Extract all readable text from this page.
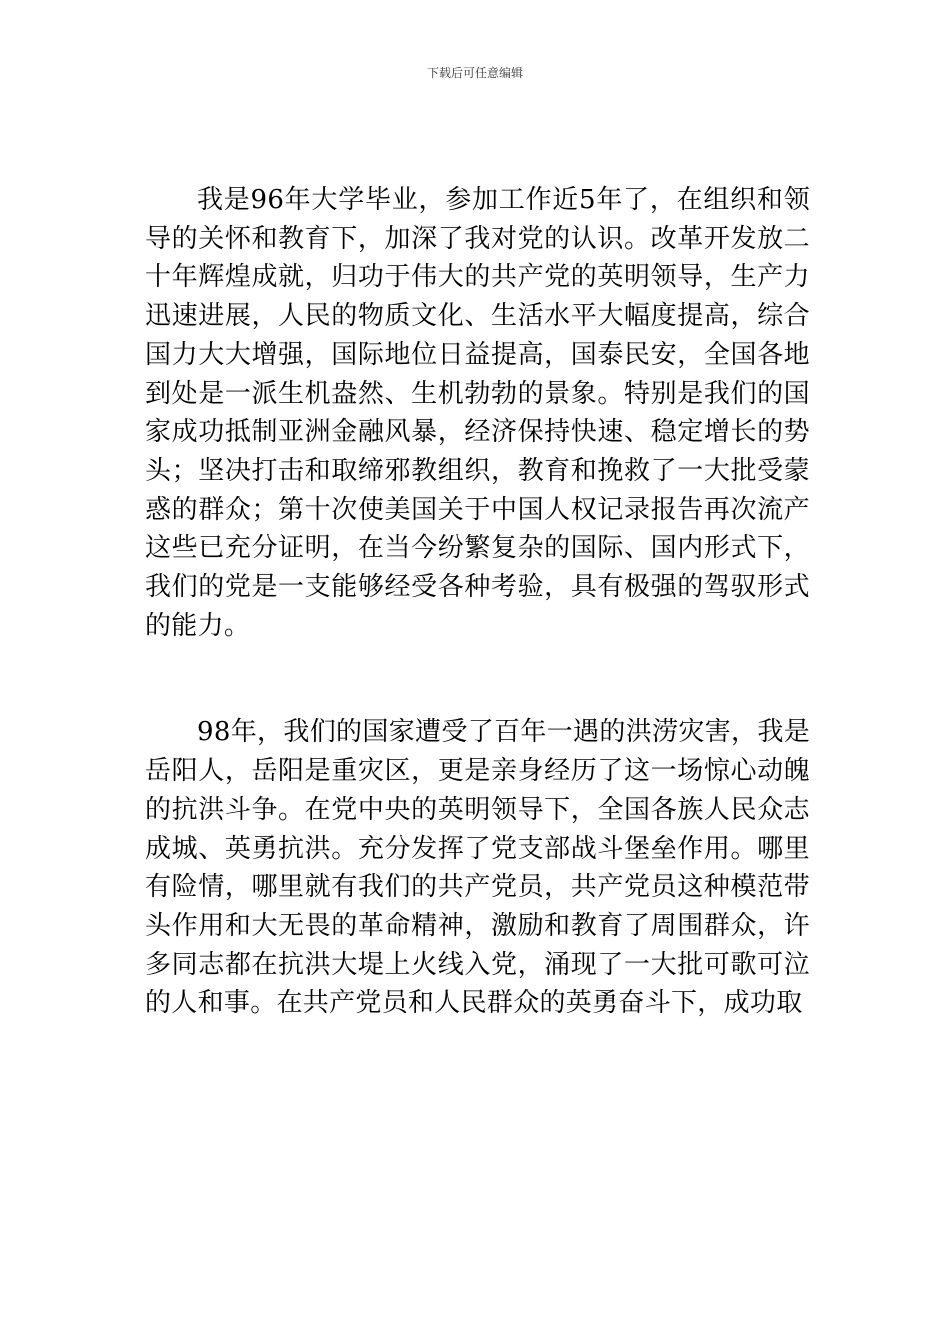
下载后可任意编辑

我是96年大学毕业，参加工作近5年了，在组织和领导的关怀和教育下，加深了我对党的认识。改革开发放二十年辉煌成就，归功于伟大的共产党的英明领导，生产力迅速进展，人民的物质文化、生活水平大幅度提高，综合国力大大增强，国际地位日益提高，国泰民安，全国各地到处是一派生机盎然、生机勃勃的景象。特别是我们的国家成功抵制亚洲金融风暴，经济保持快速、稳定增长的势头；坚决打击和取缔邪教组织，教育和挽救了一大批受蒙惑的群众；第十次使美国关于中国人权记录报告再次流产这些已充分证明，在当今纷繁复杂的国际、国内形式下，我们的党是一支能够经受各种考验，具有极强的驾驭形式的能力。

98年，我们的国家遭受了百年一遇的洪涝灾害，我是岳阳人，岳阳是重灾区，更是亲身经历了这一场惊心动魄的抗洪斗争。在党中央的英明领导下，全国各族人民众志成城、英勇抗洪。充分发挥了党支部战斗堡垒作用。哪里有险情，哪里就有我们的共产党员，共产党员这种模范带头作用和大无畏的革命精神，激励和教育了周围群众，许多同志都在抗洪大堤上火线入党，涌现了一大批可歌可泣的人和事。在共产党员和人民群众的英勇奋斗下，成功取
